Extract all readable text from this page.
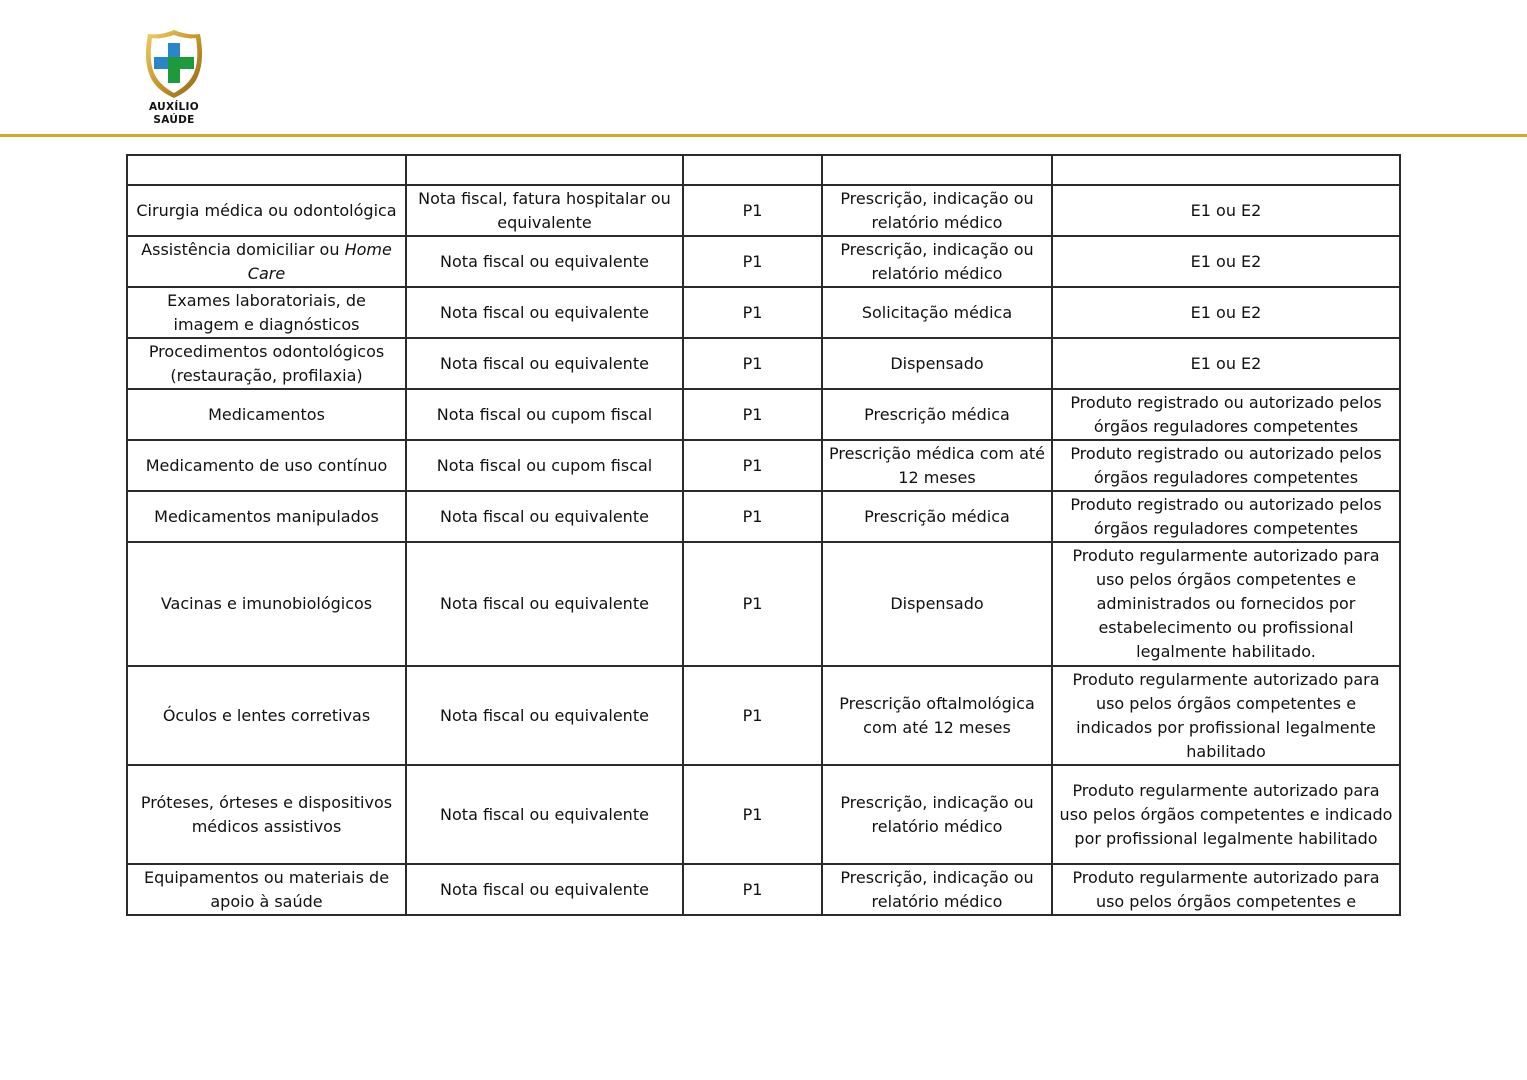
AUXÍLIO
SAÚDE

Cirurgia médica ou odontológica	Nota fiscal, fatura hospitalar ou equivalente	P1	Prescrição, indicação ou relatório médico	E1 ou E2
Assistência domiciliar ou Home Care	Nota fiscal ou equivalente	P1	Prescrição, indicação ou relatório médico	E1 ou E2
Exames laboratoriais, de imagem e diagnósticos	Nota fiscal ou equivalente	P1	Solicitação médica	E1 ou E2
Procedimentos odontológicos (restauração, profilaxia)	Nota fiscal ou equivalente	P1	Dispensado	E1 ou E2
Medicamentos	Nota fiscal ou cupom fiscal	P1	Prescrição médica	Produto registrado ou autorizado pelos órgãos reguladores competentes
Medicamento de uso contínuo	Nota fiscal ou cupom fiscal	P1	Prescrição médica com até 12 meses	Produto registrado ou autorizado pelos órgãos reguladores competentes
Medicamentos manipulados	Nota fiscal ou equivalente	P1	Prescrição médica	Produto registrado ou autorizado pelos órgãos reguladores competentes
Vacinas e imunobiológicos	Nota fiscal ou equivalente	P1	Dispensado	Produto regularmente autorizado para uso pelos órgãos competentes e administrados ou fornecidos por estabelecimento ou profissional legalmente habilitado.
Óculos e lentes corretivas	Nota fiscal ou equivalente	P1	Prescrição oftalmológica com até 12 meses	Produto regularmente autorizado para uso pelos órgãos competentes e indicados por profissional legalmente habilitado
Próteses, órteses e dispositivos médicos assistivos	Nota fiscal ou equivalente	P1	Prescrição, indicação ou relatório médico	Produto regularmente autorizado para uso pelos órgãos competentes e indicado por profissional legalmente habilitado
Equipamentos ou materiais de apoio à saúde	Nota fiscal ou equivalente	P1	Prescrição, indicação ou relatório médico	Produto regularmente autorizado para uso pelos órgãos competentes e
